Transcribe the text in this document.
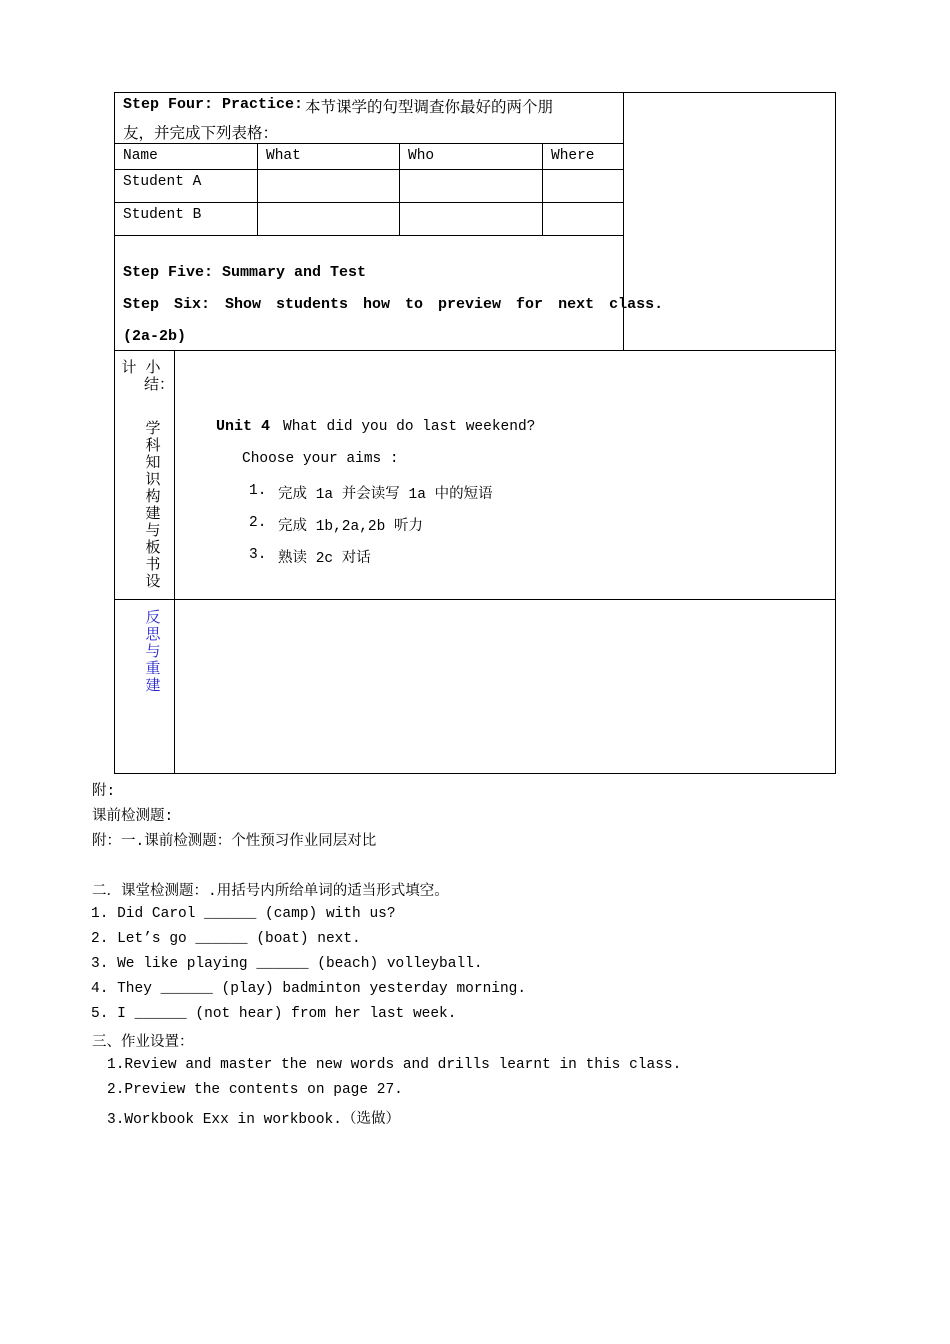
Step Four: Practice: 本节课学的句型调查你最好的两个朋
友，并完成下列表格：
Name	What	Who	Where
Student A
Student B
Step Five: Summary and Test
Step Six: Show students how to preview for next class.
(2a-2b)
计 小结：
学科知识构建与板书设
Unit 4 What did you do last weekend?
Choose your aims :
1. 完成 1a 并会读写 1a 中的短语
2. 完成 1b,2a,2b 听力
3. 熟读 2c 对话
反思与重建
附:
课前检测题:
附：一.课前检测题：个性预习作业同层对比
二．课堂检测题：.用括号内所给单词的适当形式填空。
1. Did Carol ______ (camp) with us?
2. Let’s go ______ (boat) next.
3. We like playing ______ (beach) volleyball.
4. They ______ (play) badminton yesterday morning.
5. I ______ (not hear) from her last week.
三、作业设置：
1.Review and master the new words and drills learnt in this class.
2.Preview the contents on page 27.
3.Workbook Exx in workbook.（选做）
